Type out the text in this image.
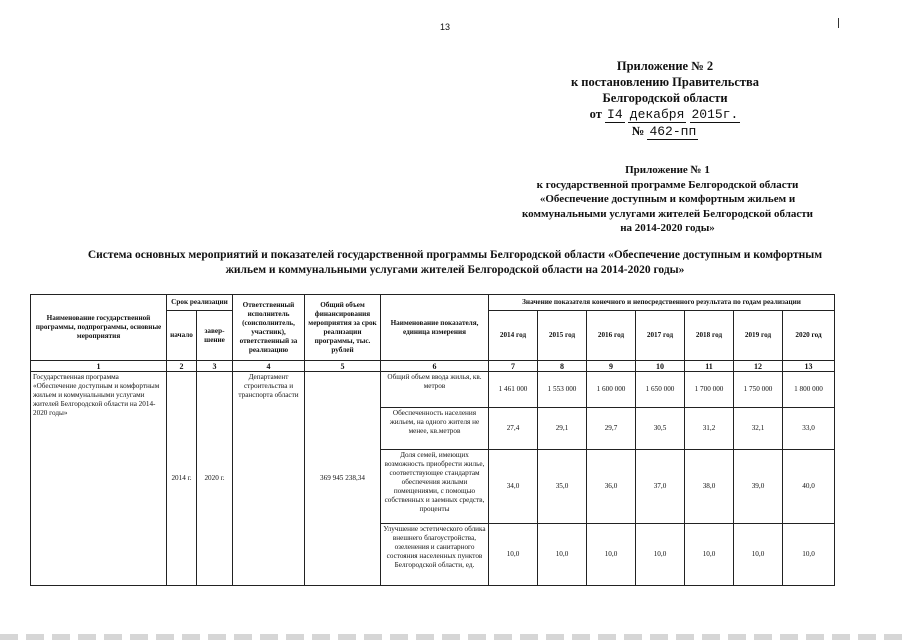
13
Приложение № 2
к постановлению Правительства
Белгородской области
от I4 декабря 2015г.
№ 462-пп
Приложение № 1
к государственной программе Белгородской области
«Обеспечение доступным и комфортным жильем и
коммунальными услугами жителей Белгородской области
на 2014-2020 годы»
Система основных мероприятий и показателей государственной программы Белгородской области «Обеспечение доступным и комфортным
жильем и коммунальными услугами жителей Белгородской области на 2014-2020 годы»
Наименование государственной программы, подпрограммы, основные мероприятия	Срок реализации		Ответственный исполнитель (соисполнитель, участник), ответственный за реализацию	Общий объем финансирования мероприятия за срок реализации программы, тыс. рублей	Наименование показателя, единица измерения	Значение показателя конечного и непосредственного результата по годам реализации						
	начало	завер-шение				2014 год	2015 год	2016 год	2017 год	2018 год	2019 год	2020 год
1	2	3	4	5	6	7	8	9	10	11	12	13
Государственная программа «Обеспечение доступным и комфортным жильем и коммунальными услугами жителей Белгородской области на 2014-2020 годы»	2014 г.	2020 г.	Департамент строительства и транспорта области	369 945 238,34	Общий объем ввода жилья, кв. метров	1 461 000	1 553 000	1 600 000	1 650 000	1 700 000	1 750 000	1 800 000
					Обеспеченность населения жильем, на одного жителя не менее, кв.метров	27,4	29,1	29,7	30,5	31,2	32,1	33,0
					Доля семей, имеющих возможность приобрести жилье, соответствующее стандартам обеспечения жилыми помещениями, с помощью собственных и заемных средств, проценты	34,0	35,0	36,0	37,0	38,0	39,0	40,0
					Улучшение эстетического облика внешнего благоустройства, озеленения и санитарного состояния населенных пунктов Белгородской области, ед.	10,0	10,0	10,0	10,0	10,0	10,0	10,0
